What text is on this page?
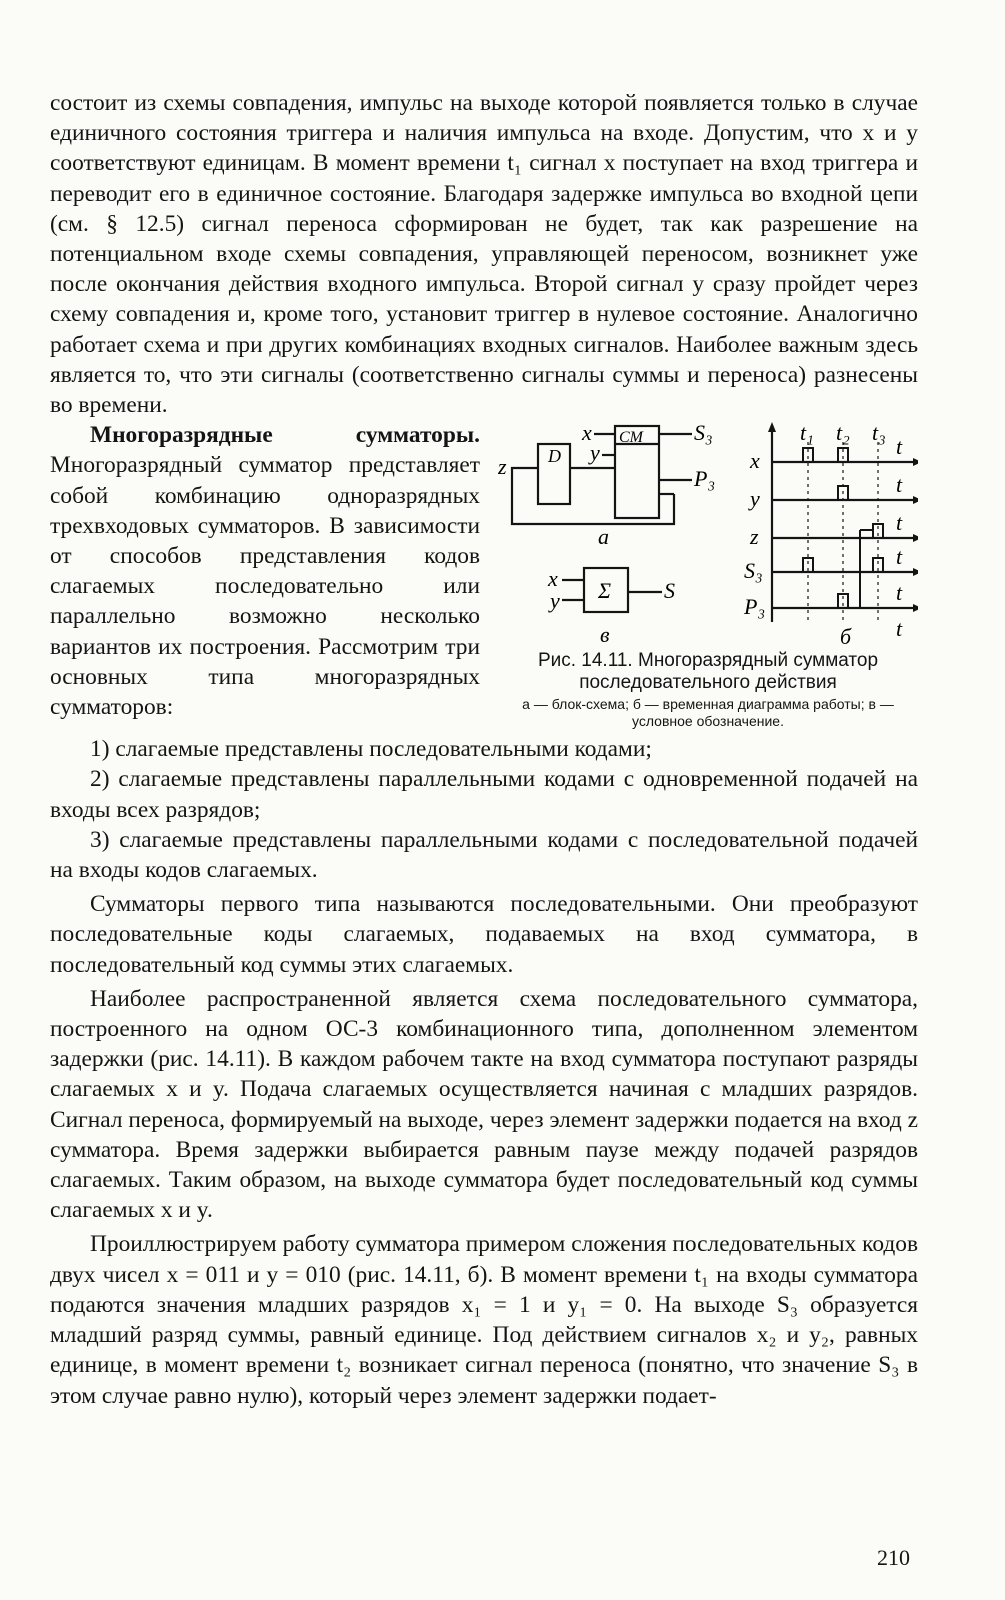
состоит из схемы совпадения, импульс на выходе которой появляется только в случае единичного состояния триггера и наличия импульса на входе. Допустим, что x и y соответствуют единицам. В момент времени t₁ сигнал x поступает на вход триггера и переводит его в единичное состояние. Благодаря задержке импульса во входной цепи (см. § 12.5) сигнал переноса сформирован не будет, так как разрешение на потенциальном входе схемы совпадения, управляющей переносом, возникнет уже после окончания действия входного импульса. Второй сигнал y сразу пройдет через схему совпадения и, кроме того, установит триггер в нулевое состояние. Аналогично работает схема и при других комбинациях входных сигналов. Наиболее важным здесь является то, что эти сигналы (соответственно сигналы суммы и переноса) разнесены во времени.

x
y
z
CM
D
S₃
P₃
а
x
y Σ S
в
t₁ t₂ t₃
x
y
z
S₃
P₃
t
t
t
t
t
t
б
Рис. 14.11. Многоразрядный сумматор последовательного действия
а — блок-схема; б — временная диаграмма работы; в — условное обозначение.

Многоразрядные сумматоры. Многоразрядный сумматор представляет собой комбинацию одноразрядных трехвходовых сумматоров. В зависимости от способов представления кодов слагаемых последовательно или параллельно возможно несколько вариантов их построения. Рассмотрим три основных типа многоразрядных сумматоров:

1) слагаемые представлены последовательными кодами;

2) слагаемые представлены параллельными кодами с одновременной подачей на входы всех разрядов;

3) слагаемые представлены параллельными кодами с последовательной подачей на входы кодов слагаемых.

Сумматоры первого типа называются последовательными. Они преобразуют последовательные коды слагаемых, подаваемых на вход сумматора, в последовательный код суммы этих слагаемых.

Наиболее распространенной является схема последовательного сумматора, построенного на одном ОС-3 комбинационного типа, дополненном элементом задержки (рис. 14.11). В каждом рабочем такте на вход сумматора поступают разряды слагаемых x и y. Подача слагаемых осуществляется начиная с младших разрядов. Сигнал переноса, формируемый на выходе, через элемент задержки подается на вход z сумматора. Время задержки выбирается равным паузе между подачей разрядов слагаемых. Таким образом, на выходе сумматора будет последовательный код суммы слагаемых x и y.

Проиллюстрируем работу сумматора примером сложения последовательных кодов двух чисел x = 011 и y = 010 (рис. 14.11, б). В момент времени t₁ на входы сумматора подаются значения младших разрядов x₁ = 1 и y₁ = 0. На выходе S₃ образуется младший разряд суммы, равный единице. Под действием сигналов x₂ и y₂, равных единице, в момент времени t₂ возникает сигнал переноса (понятно, что значение S₃ в этом случае равно нулю), который через элемент задержки подает-

210
